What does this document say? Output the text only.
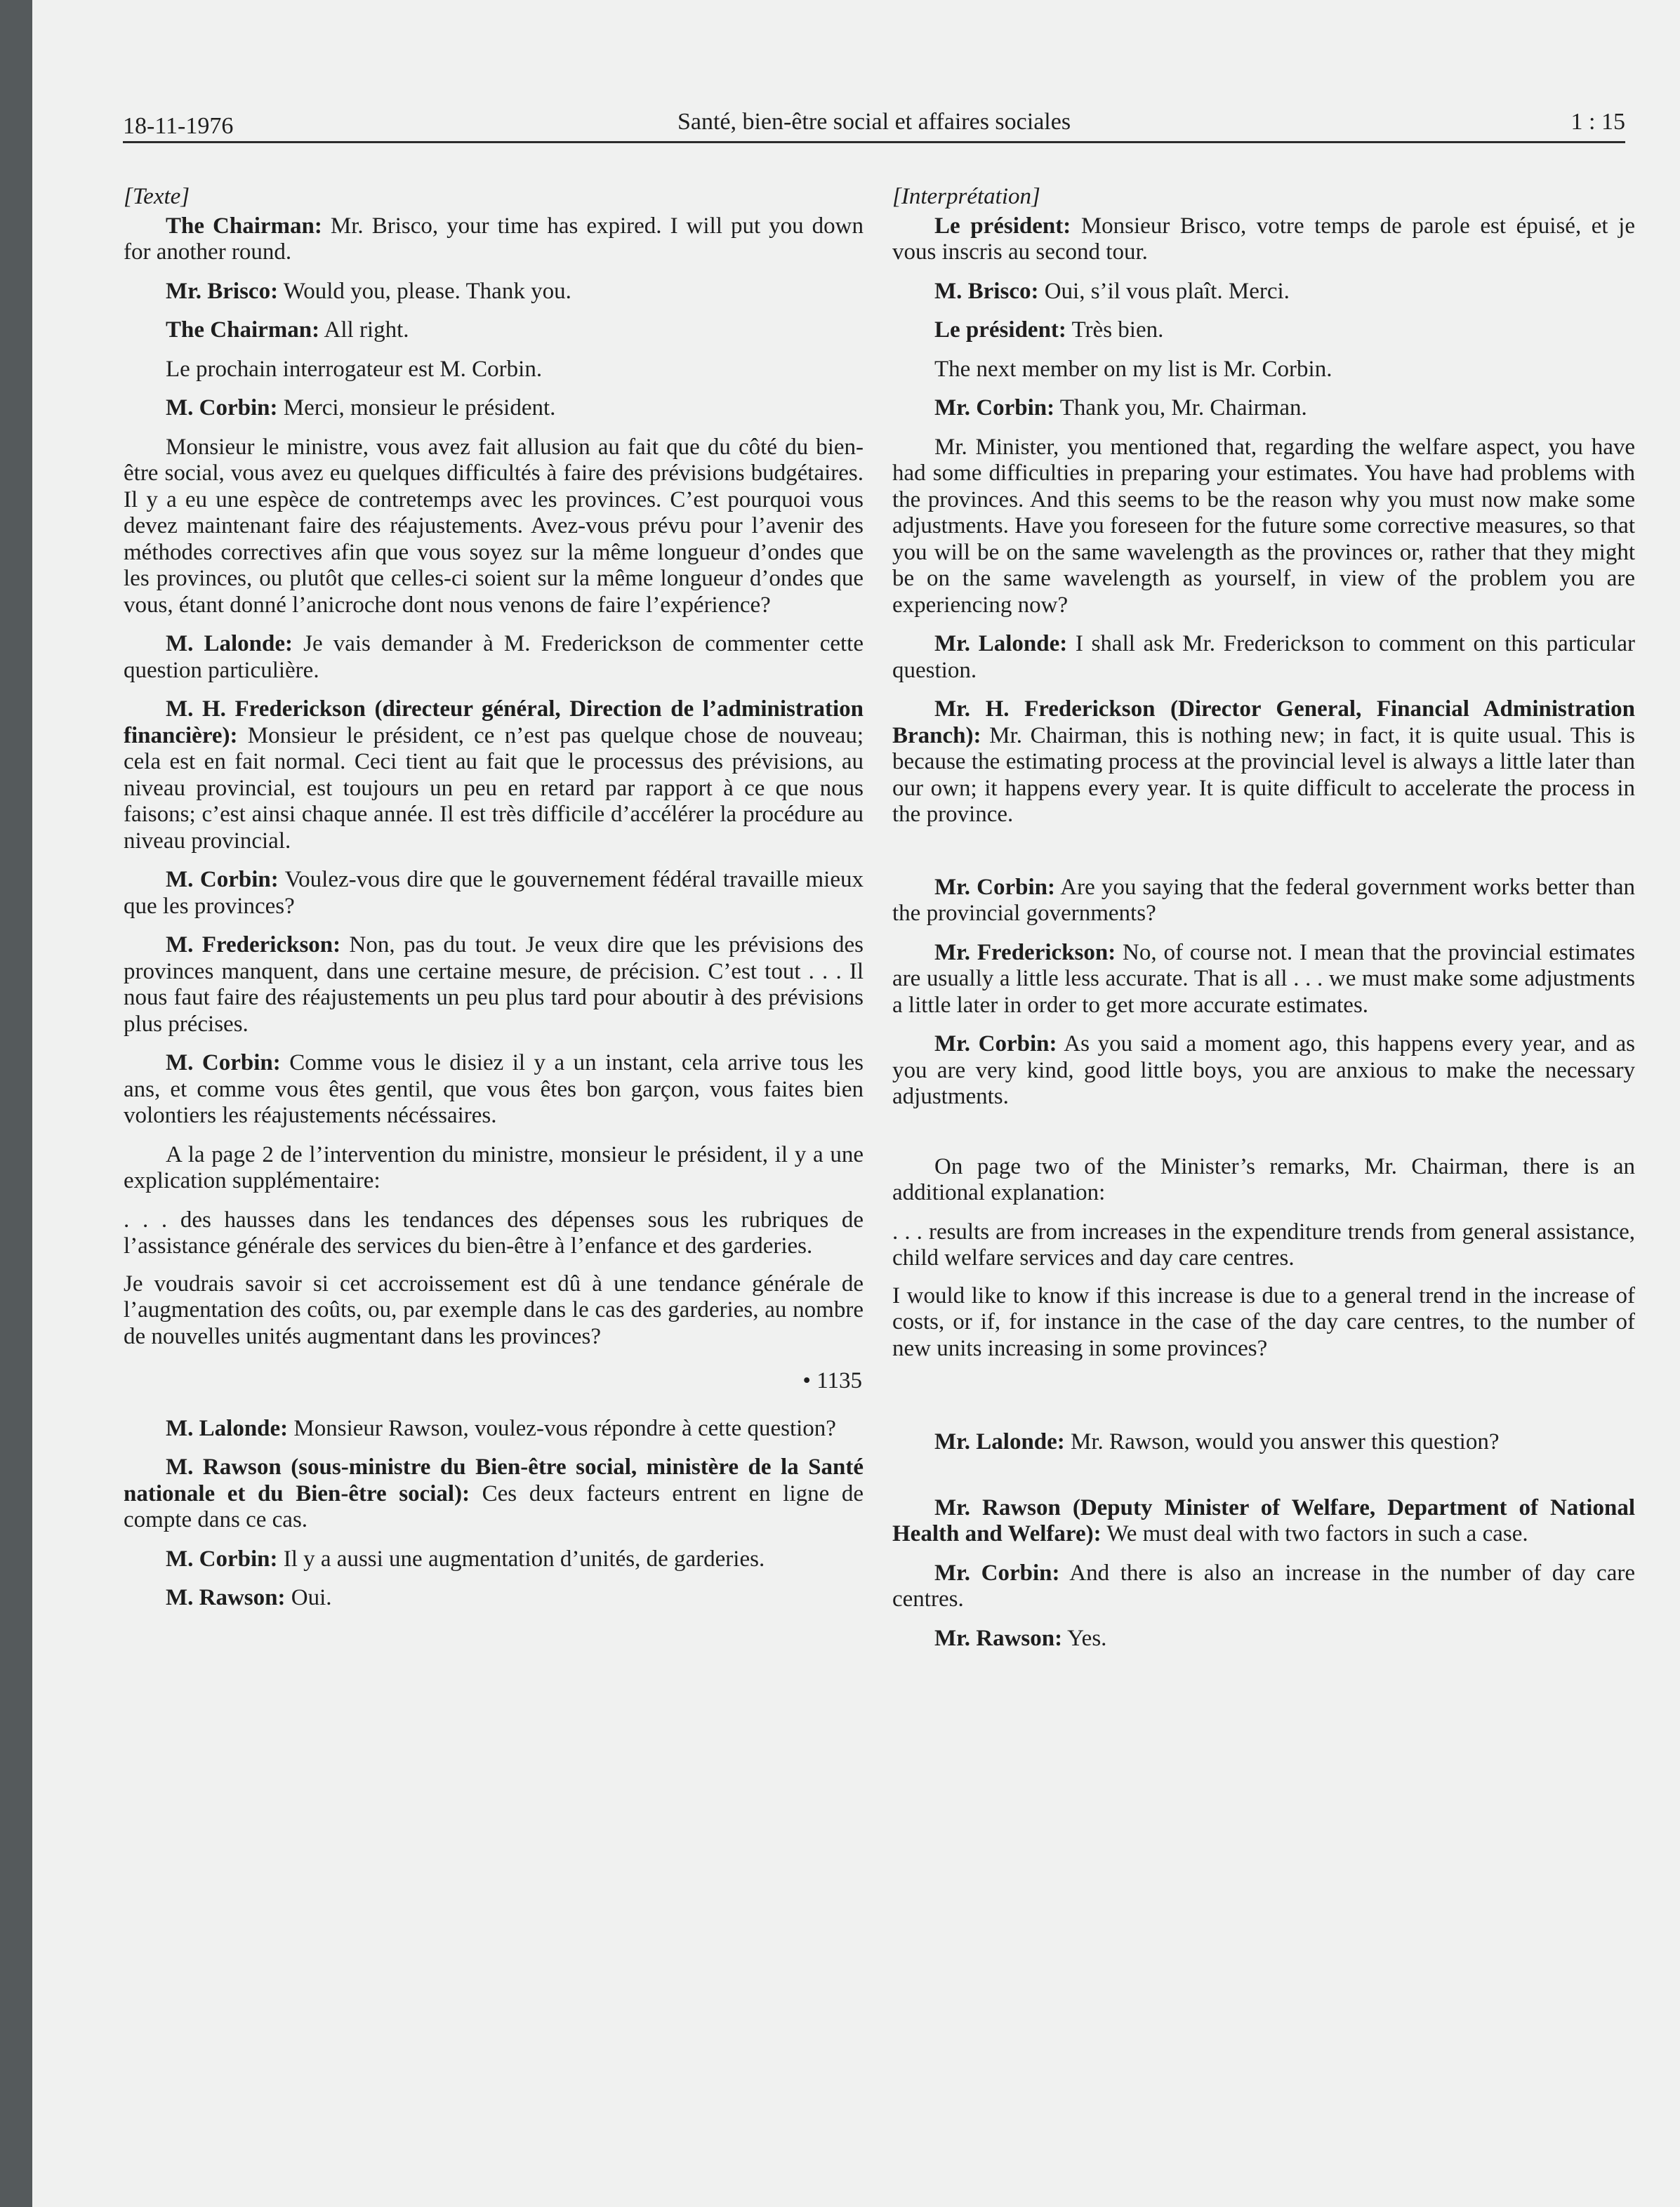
18-11-1976	Santé, bien-être social et affaires sociales	1 : 15

[Texte]

The Chairman: Mr. Brisco, your time has expired. I will put you down for another round.

Mr. Brisco: Would you, please. Thank you.

The Chairman: All right.

Le prochain interrogateur est M. Corbin.

M. Corbin: Merci, monsieur le président.

Monsieur le ministre, vous avez fait allusion au fait que du côté du bien-être social, vous avez eu quelques difficultés à faire des prévisions budgétaires. Il y a eu une espèce de contretemps avec les provinces. C’est pourquoi vous devez maintenant faire des réajustements. Avez-vous prévu pour l’avenir des méthodes correctives afin que vous soyez sur la même longueur d’ondes que les provinces, ou plutôt que celles-ci soient sur la même longueur d’ondes que vous, étant donné l’anicroche dont nous venons de faire l’expérience?

M. Lalonde: Je vais demander à M. Frederickson de commenter cette question particulière.

M. H. Frederickson (directeur général, Direction de l’administration financière): Monsieur le président, ce n’est pas quelque chose de nouveau; cela est en fait normal. Ceci tient au fait que le processus des prévisions, au niveau provincial, est toujours un peu en retard par rapport à ce que nous faisons; c’est ainsi chaque année. Il est très difficile d’accélérer la procédure au niveau provincial.

M. Corbin: Voulez-vous dire que le gouvernement fédéral travaille mieux que les provinces?

M. Frederickson: Non, pas du tout. Je veux dire que les prévisions des provinces manquent, dans une certaine mesure, de précision. C’est tout . . . Il nous faut faire des réajustements un peu plus tard pour aboutir à des prévisions plus précises.

M. Corbin: Comme vous le disiez il y a un instant, cela arrive tous les ans, et comme vous êtes gentil, que vous êtes bon garçon, vous faites bien volontiers les réajustements nécéssaires.

A la page 2 de l’intervention du ministre, monsieur le président, il y a une explication supplémentaire:

. . . des hausses dans les tendances des dépenses sous les rubriques de l’assistance générale des services du bien-être à l’enfance et des garderies.

Je voudrais savoir si cet accroissement est dû à une tendance générale de l’augmentation des coûts, ou, par exemple dans le cas des garderies, au nombre de nouvelles unités augmentant dans les provinces?

• 1135

M. Lalonde: Monsieur Rawson, voulez-vous répondre à cette question?

M. Rawson (sous-ministre du Bien-être social, ministère de la Santé nationale et du Bien-être social): Ces deux facteurs entrent en ligne de compte dans ce cas.

M. Corbin: Il y a aussi une augmentation d’unités, de garderies.

M. Rawson: Oui.

[Interprétation]

Le président: Monsieur Brisco, votre temps de parole est épuisé, et je vous inscris au second tour.

M. Brisco: Oui, s’il vous plaît. Merci.

Le président: Très bien.

The next member on my list is Mr. Corbin.

Mr. Corbin: Thank you, Mr. Chairman.

Mr. Minister, you mentioned that, regarding the welfare aspect, you have had some difficulties in preparing your estimates. You have had problems with the provinces. And this seems to be the reason why you must now make some adjustments. Have you foreseen for the future some corrective measures, so that you will be on the same wavelength as the provinces or, rather that they might be on the same wavelength as yourself, in view of the problem you are experiencing now?

Mr. Lalonde: I shall ask Mr. Frederickson to comment on this particular question.

Mr. H. Frederickson (Director General, Financial Administration Branch): Mr. Chairman, this is nothing new; in fact, it is quite usual. This is because the estimating process at the provincial level is always a little later than our own; it happens every year. It is quite difficult to accelerate the process in the province.

Mr. Corbin: Are you saying that the federal government works better than the provincial governments?

Mr. Frederickson: No, of course not. I mean that the provincial estimates are usually a little less accurate. That is all . . . we must make some adjustments a little later in order to get more accurate estimates.

Mr. Corbin: As you said a moment ago, this happens every year, and as you are very kind, good little boys, you are anxious to make the necessary adjustments.

On page two of the Minister’s remarks, Mr. Chairman, there is an additional explanation:

. . . results are from increases in the expenditure trends from general assistance, child welfare services and day care centres.

I would like to know if this increase is due to a general trend in the increase of costs, or if, for instance in the case of the day care centres, to the number of new units increasing in some provinces?

Mr. Lalonde: Mr. Rawson, would you answer this question?

Mr. Rawson (Deputy Minister of Welfare, Department of National Health and Welfare): We must deal with two factors in such a case.

Mr. Corbin: And there is also an increase in the number of day care centres.

Mr. Rawson: Yes.
